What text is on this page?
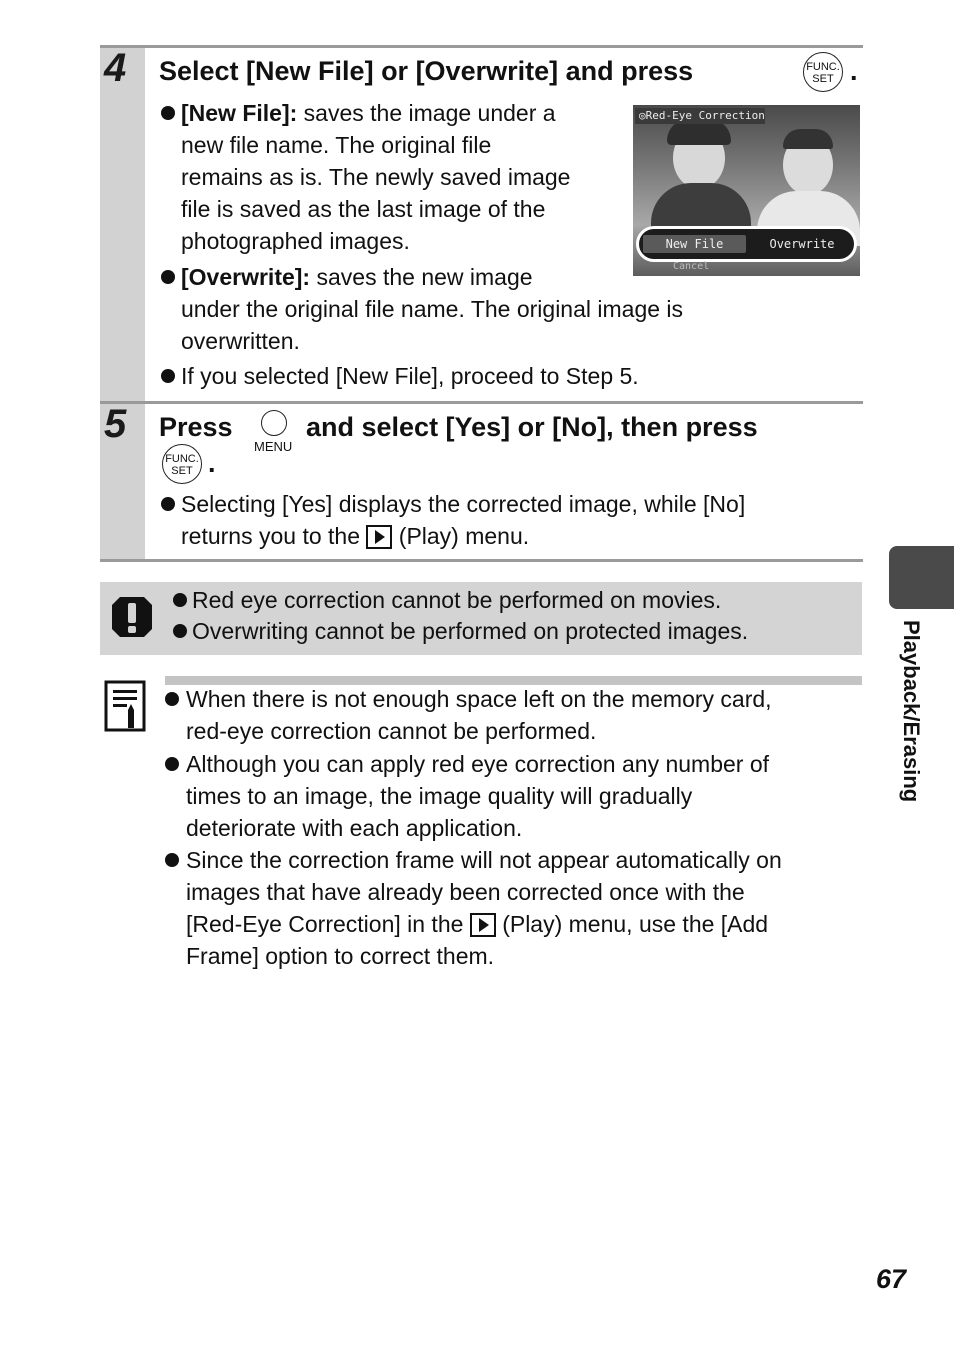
4 Select [New File] or [Overwrite] and press	FUNC.
SET .
[New File]: saves the image under a
new file name. The original file
remains as is. The newly saved image
file is saved as the last image of the
photographed images.
[Overwrite]: saves the new image
under the original file name. The original image is
overwritten.
If you selected [New File], proceed to Step 5.
◎Red-Eye Correction
New File	Overwrite
Cancel
5 Press
MENU
and select [Yes] or [No], then press
FUNC.
SET .
Selecting [Yes] displays the corrected image, while [No]
returns you to the (Play) menu.
Red eye correction cannot be performed on movies.

Overwriting cannot be performed on protected images.
When there is not enough space left on the memory card,
red-eye correction cannot be performed.
Although you can apply red eye correction any number of
times to an image, the image quality will gradually
deteriorate with each application.
Since the correction frame will not appear automatically on
images that have already been corrected once with the
[Red-Eye Correction] in the (Play) menu, use the [Add
Frame] option to correct them.
Playback/Erasing
67
